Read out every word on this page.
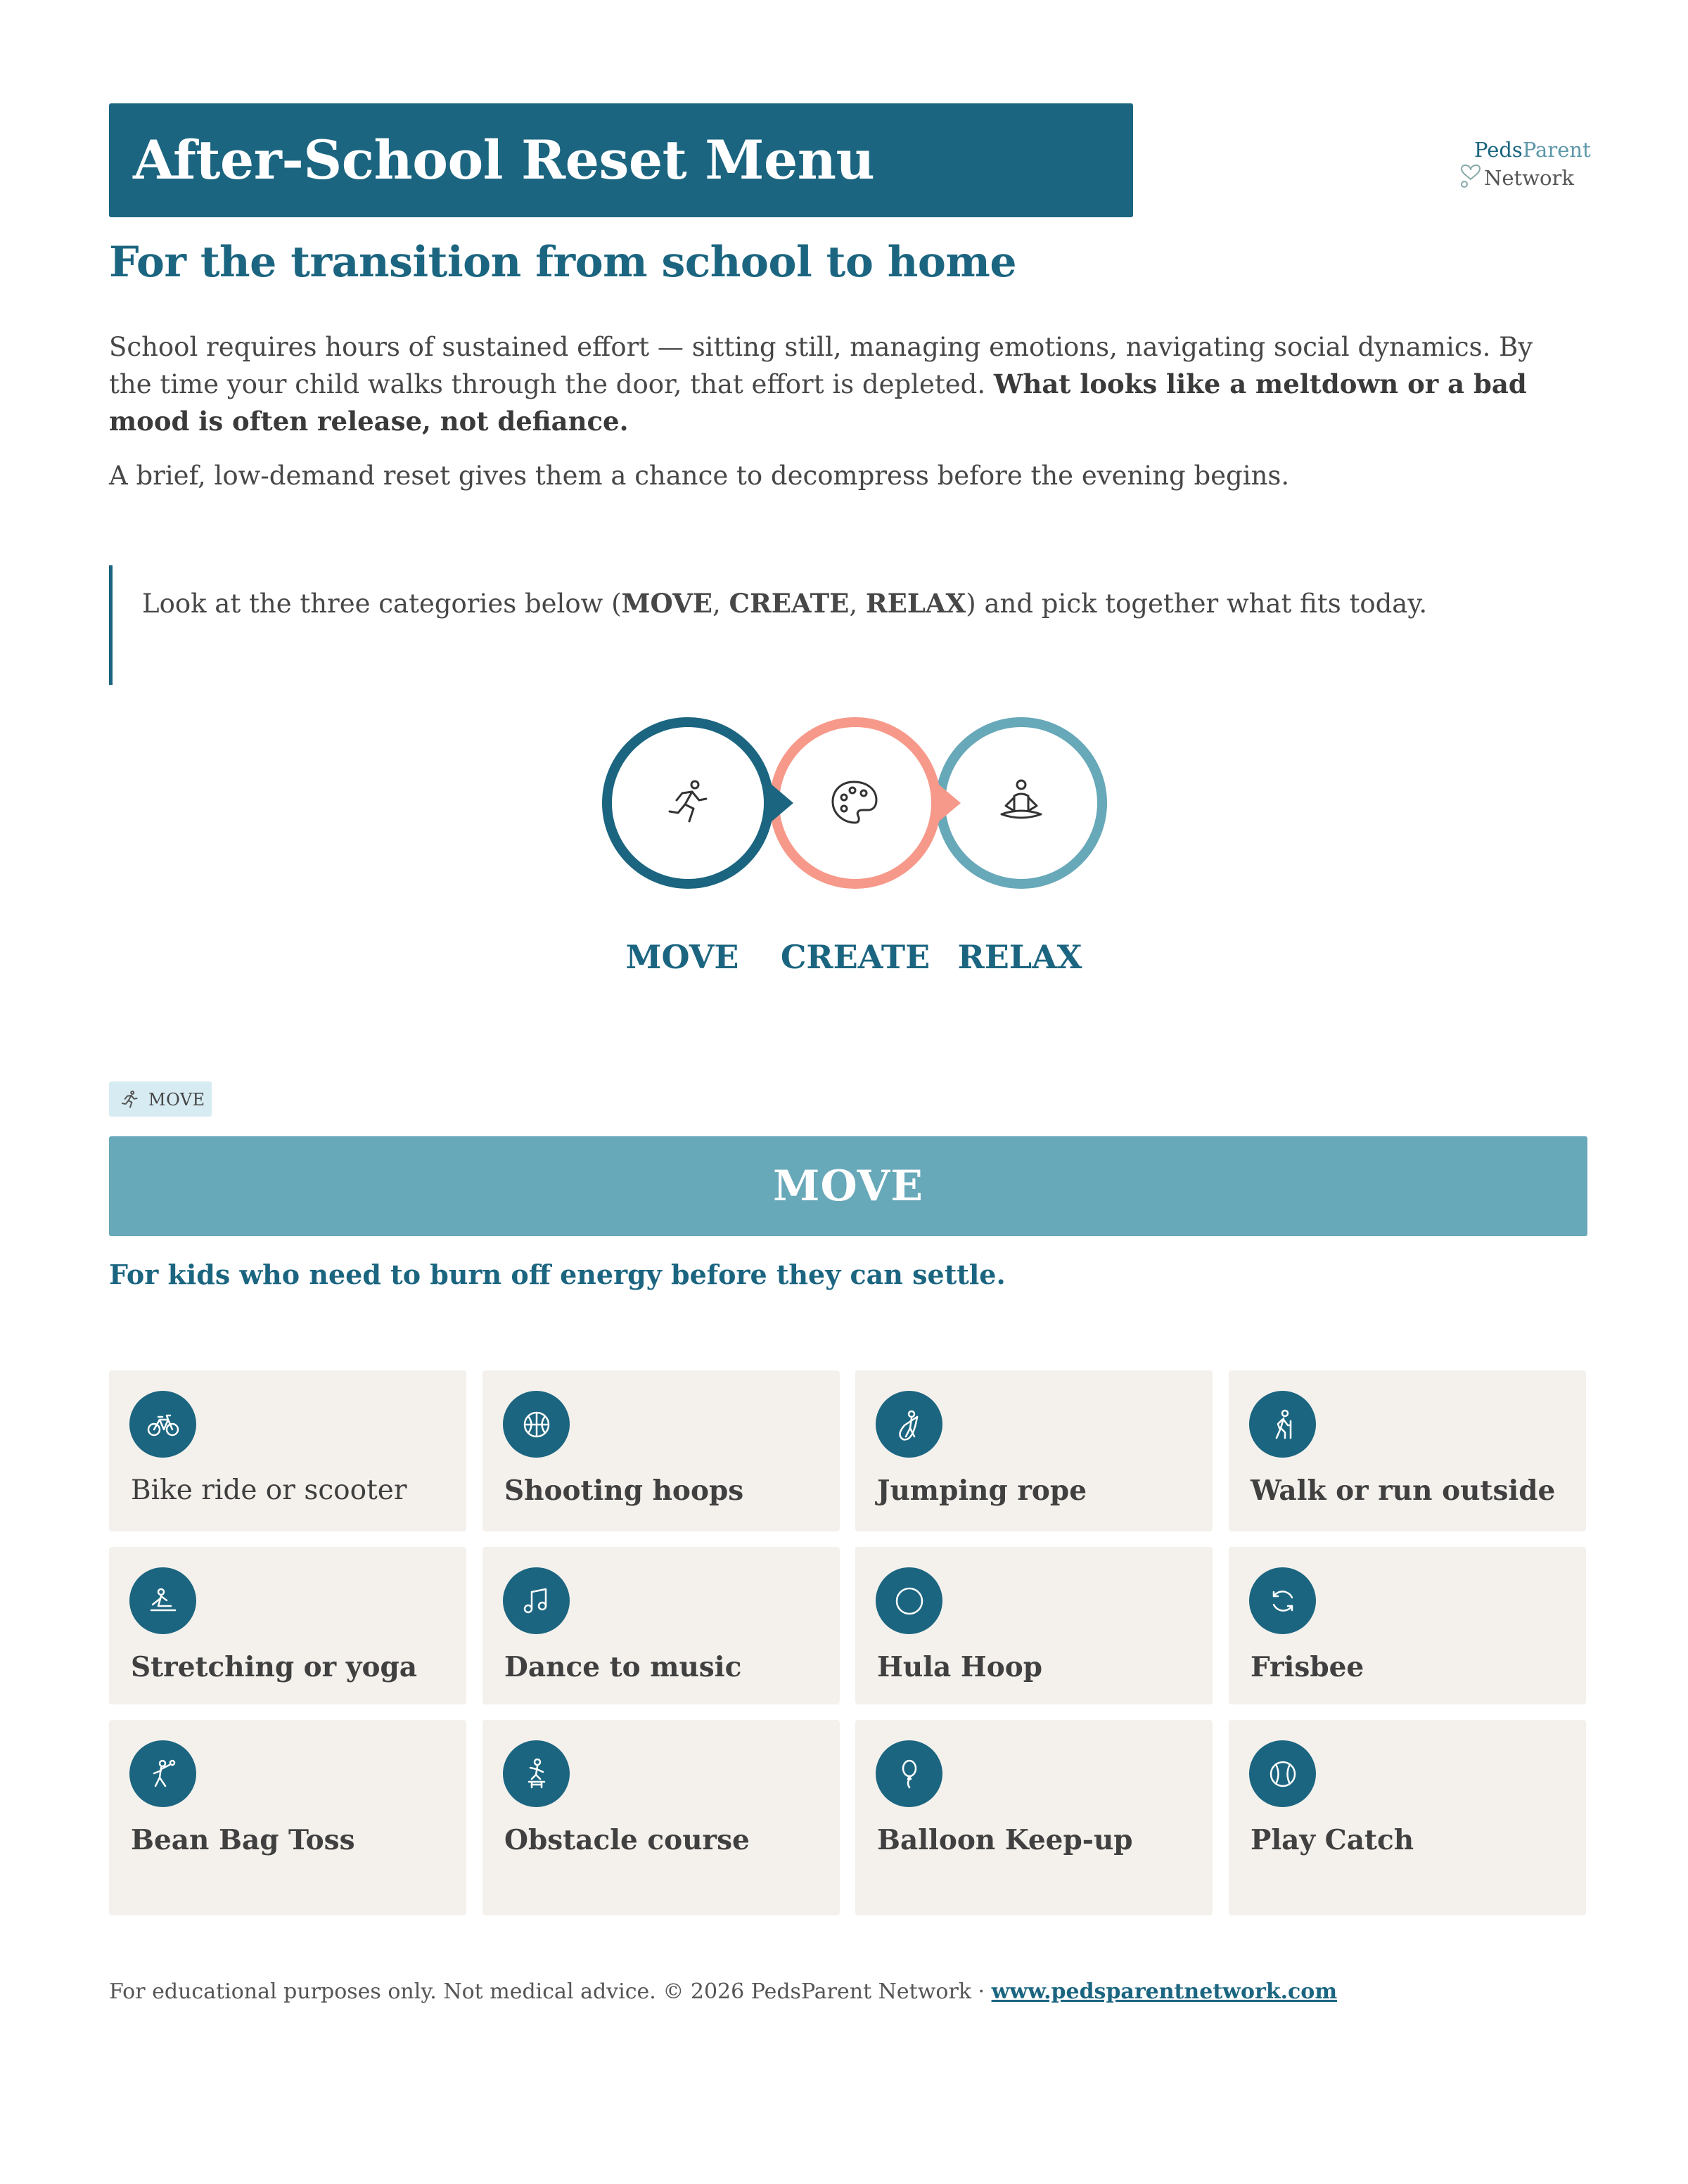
After-School Reset Menu	PedsParent
Network
For the transition from school to home

School requires hours of sustained effort — sitting still, managing emotions, navigating social dynamics. By the time your child walks through the door, that effort is depleted. What looks like a meltdown or a bad mood is often release, not defiance.

A brief, low-demand reset gives them a chance to decompress before the evening begins.

Look at the three categories below (MOVE, CREATE, RELAX) and pick together what fits today.

MOVE CREATE RELAX
MOVE
MOVE

For kids who need to burn off energy before they can settle.

Bike ride or scooter	Shooting hoops	Jumping rope	Walk or run outside
Stretching or yoga	Dance to music	Hula Hoop	Frisbee
Bean Bag Toss	Obstacle course	Balloon Keep-up	Play Catch

For educational purposes only. Not medical advice. © 2026 PedsParent Network · www.pedsparentnetwork.com
